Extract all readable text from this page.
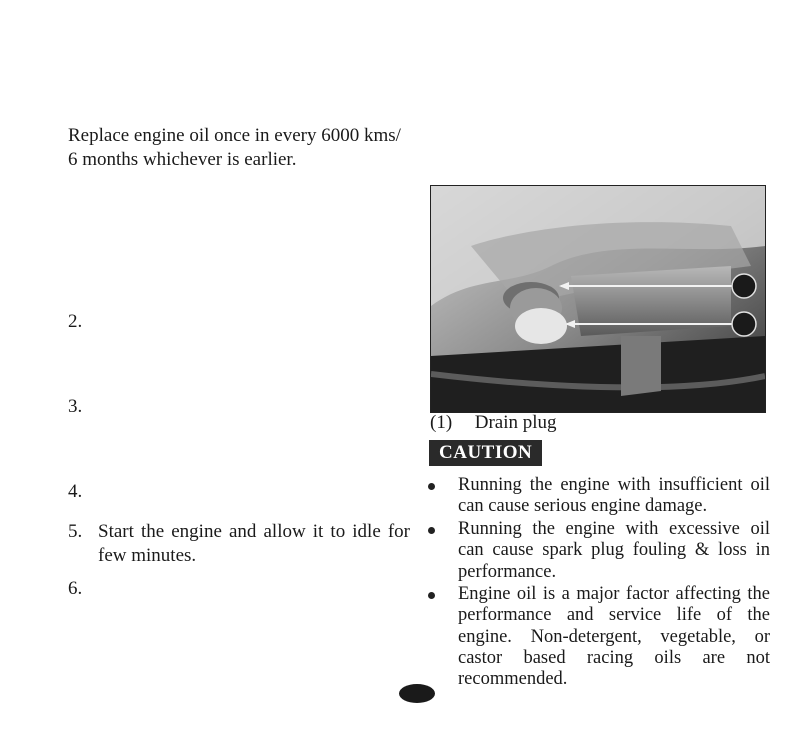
Replace engine oil once in every 6000 kms/
6 months whichever is earlier.
2.
3.
4.
5. Start the engine and allow it to idle for few minutes.
6.
(1) Drain plug
CAUTION
Running the engine with insufficient oil can cause serious engine damage.
Running the engine with excessive oil can cause spark plug fouling & loss in performance.
Engine oil is a major factor affecting the performance and service life of the engine. Non-detergent, vegetable, or castor based racing oils are not recommended.
